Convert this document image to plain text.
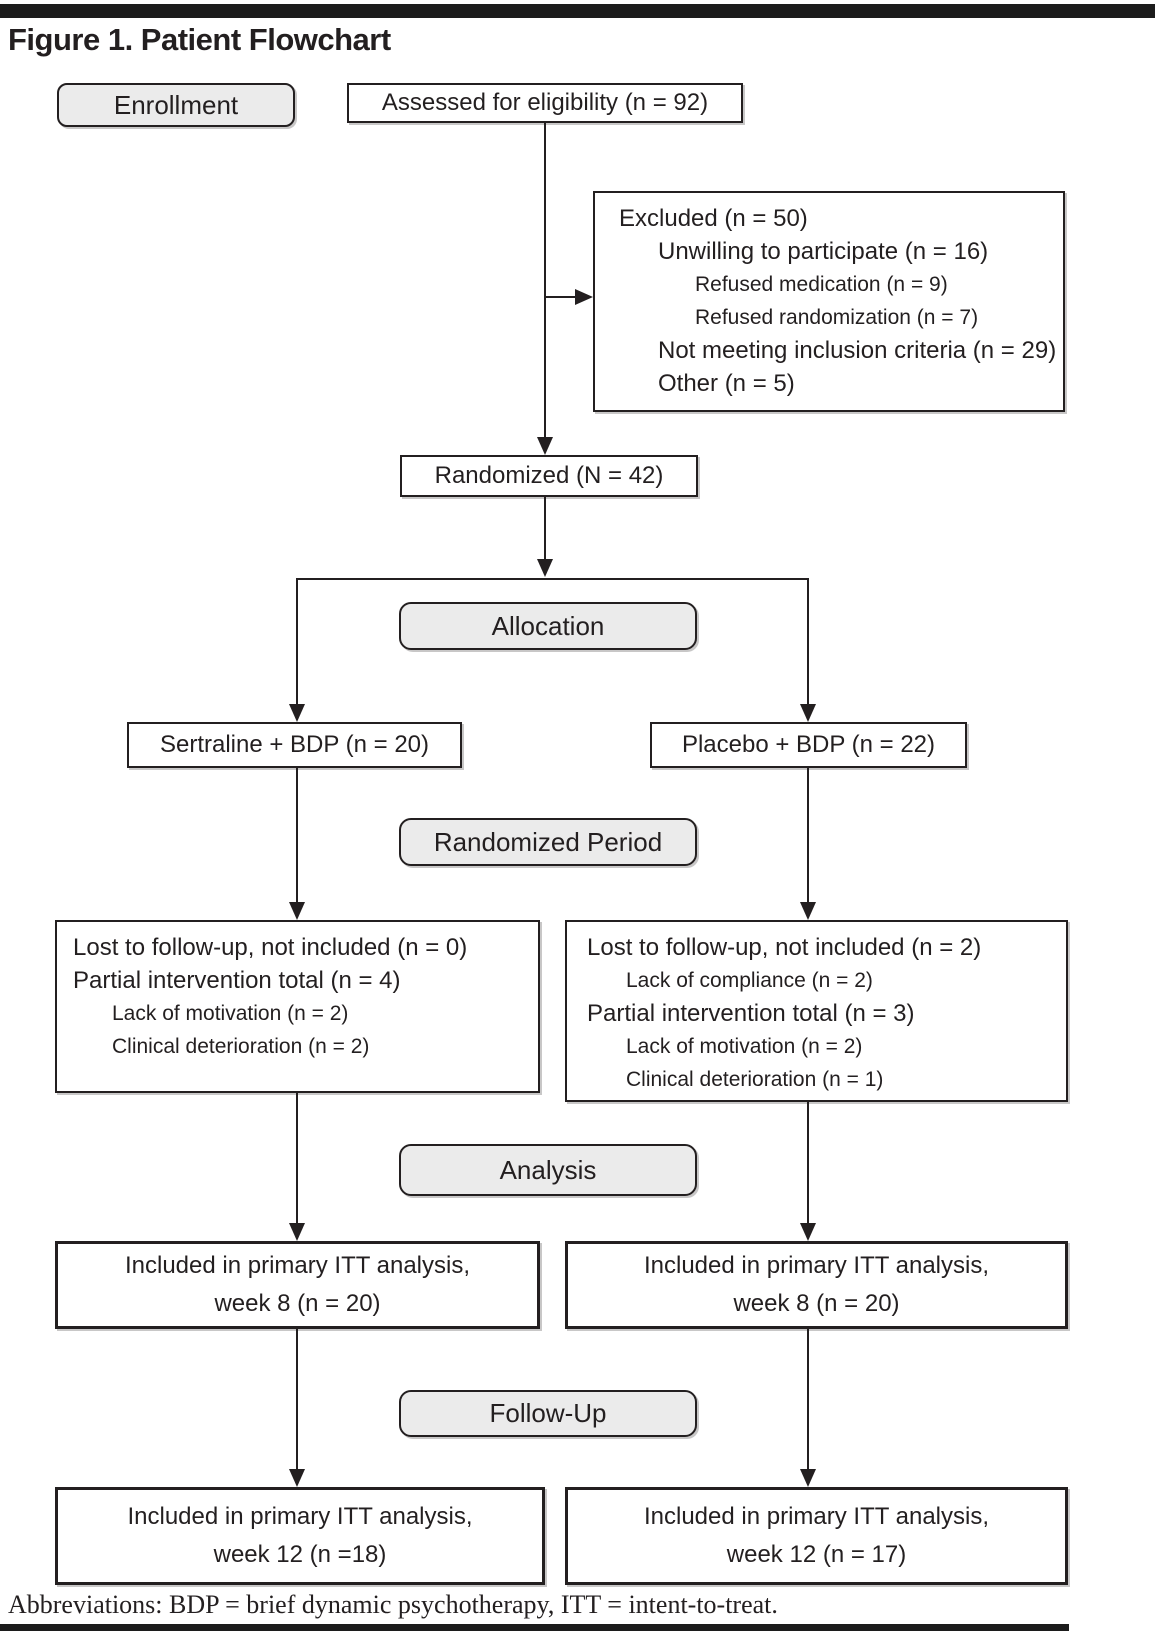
Figure 1. Patient Flowchart
Enrollment	Assessed for eligibility (n = 92)
Excluded (n = 50)
Unwilling to participate (n = 16)
Refused medication (n = 9)
Refused randomization (n = 7)
Not meeting inclusion criteria (n = 29)
Other (n = 5)
Randomized (N = 42)
Allocation
Sertraline + BDP (n = 20)	Placebo + BDP (n = 22)
Randomized Period
Lost to follow-up, not included (n = 0)
Partial intervention total (n = 4)
Lack of motivation (n = 2)
Clinical deterioration (n = 2)
Lost to follow-up, not included (n = 2)
Lack of compliance (n = 2)
Partial intervention total (n = 3)
Lack of motivation (n = 2)
Clinical deterioration (n = 1)
Analysis
Included in primary ITT analysis,
week 8 (n = 20)
Included in primary ITT analysis,
week 8 (n = 20)
Follow-Up
Included in primary ITT analysis,
week 12 (n =18)
Included in primary ITT analysis,
week 12 (n = 17)
Abbreviations: BDP = brief dynamic psychotherapy, ITT = intent-to-treat.
